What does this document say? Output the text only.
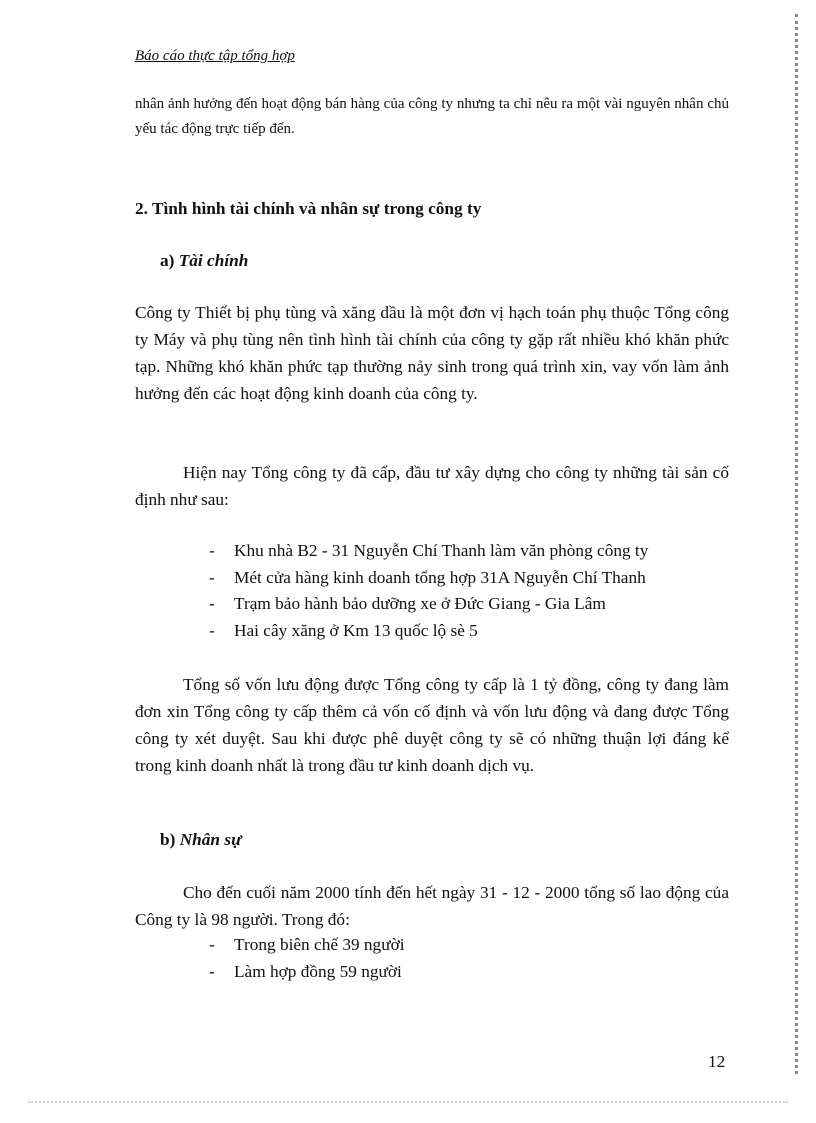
Báo cáo thực tập tổng hợp

nhân ảnh hưởng đến hoạt động bán hàng của công ty nhưng ta chỉ nêu ra một vài nguyên nhân chủ yếu tác động trực tiếp đến.

2. Tình hình tài chính và nhân sự trong công ty
a) Tài chính

Công ty Thiết bị phụ tùng và xăng dầu là một đơn vị hạch toán phụ thuộc Tổng công ty Máy và phụ tùng nên tình hình tài chính của công ty gặp rất nhiều khó khăn phức tạp. Những khó khăn phức tạp thường nảy sinh trong quá trình xin, vay vốn làm ảnh hưởng đến các hoạt động kinh doanh của công ty.

Hiện nay Tổng công ty đã cấp, đầu tư xây dựng cho công ty những tài sản cố định như sau:

-	Khu nhà B2 - 31 Nguyễn Chí Thanh làm văn phòng công ty
-	Mét cửa hàng kinh doanh tổng hợp 31A Nguyễn Chí Thanh
-	Trạm bảo hành bảo dưỡng xe ở Đức Giang - Gia Lâm
-	Hai cây xăng ở Km 13 quốc lộ sè 5

Tổng số vốn lưu động được Tổng công ty cấp là 1 tỷ đồng, công ty đang làm đơn xin Tổng công ty cấp thêm cả vốn cố định và vốn lưu động và đang được Tổng công ty xét duyệt. Sau khi được phê duyệt công ty sẽ có những thuận lợi đáng kể trong kinh doanh nhất là trong đầu tư kinh doanh dịch vụ.

b) Nhân sự

Cho đến cuối năm 2000 tính đến hết ngày 31 - 12 - 2000 tổng số lao động của Công ty là 98 người. Trong đó:

-	Trong biên chế 39 người
-	Làm hợp đồng 59 người
12
